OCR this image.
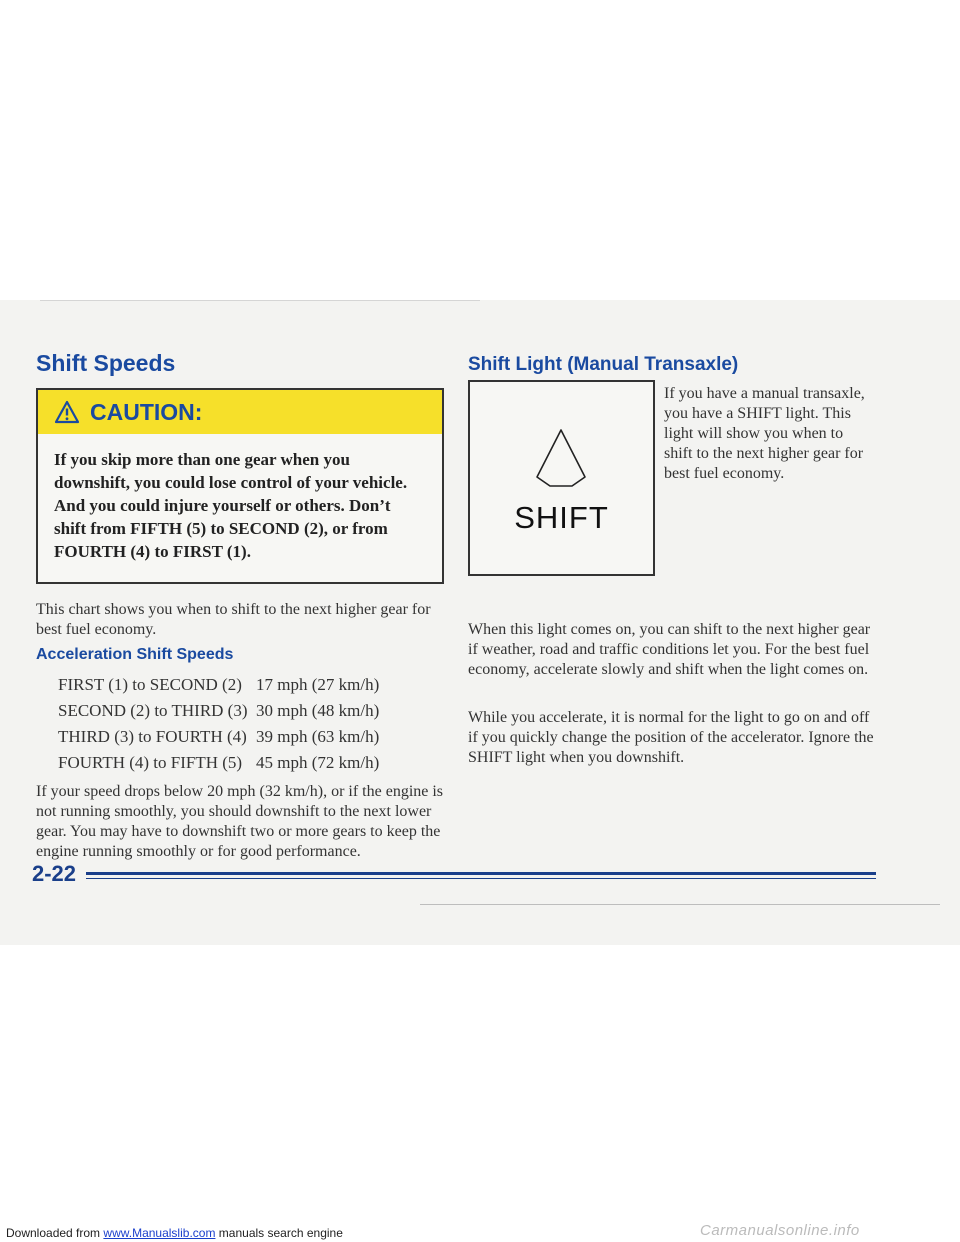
Shift Speeds
CAUTION:

If you skip more than one gear when you downshift, you could lose control of your vehicle. And you could injure yourself or others. Don’t shift from FIFTH (5) to SECOND (2), or from FOURTH (4) to FIRST (1).

This chart shows you when to shift to the next higher gear for best fuel economy.

Acceleration Shift Speeds
FIRST (1) to SECOND (2) 17 mph (27 km/h)
SECOND (2) to THIRD (3) 30 mph (48 km/h)
THIRD (3) to FOURTH (4) 39 mph (63 km/h)
FOURTH (4) to FIFTH (5) 45 mph (72 km/h)

If your speed drops below 20 mph (32 km/h), or if the engine is not running smoothly, you should downshift to the next lower gear. You may have to downshift two or more gears to keep the engine running smoothly or for good performance.

Shift Light (Manual Transaxle)
SHIFT

If you have a manual transaxle, you have a SHIFT light. This light will show you when to shift to the next higher gear for best fuel economy.

When this light comes on, you can shift to the next higher gear if weather, road and traffic conditions let you. For the best fuel economy, accelerate slowly and shift when the light comes on.

While you accelerate, it is normal for the light to go on and off if you quickly change the position of the accelerator. Ignore the SHIFT light when you downshift.

2-22

Downloaded from www.Manualslib.com manuals search engine	Carmanualsonline.info
